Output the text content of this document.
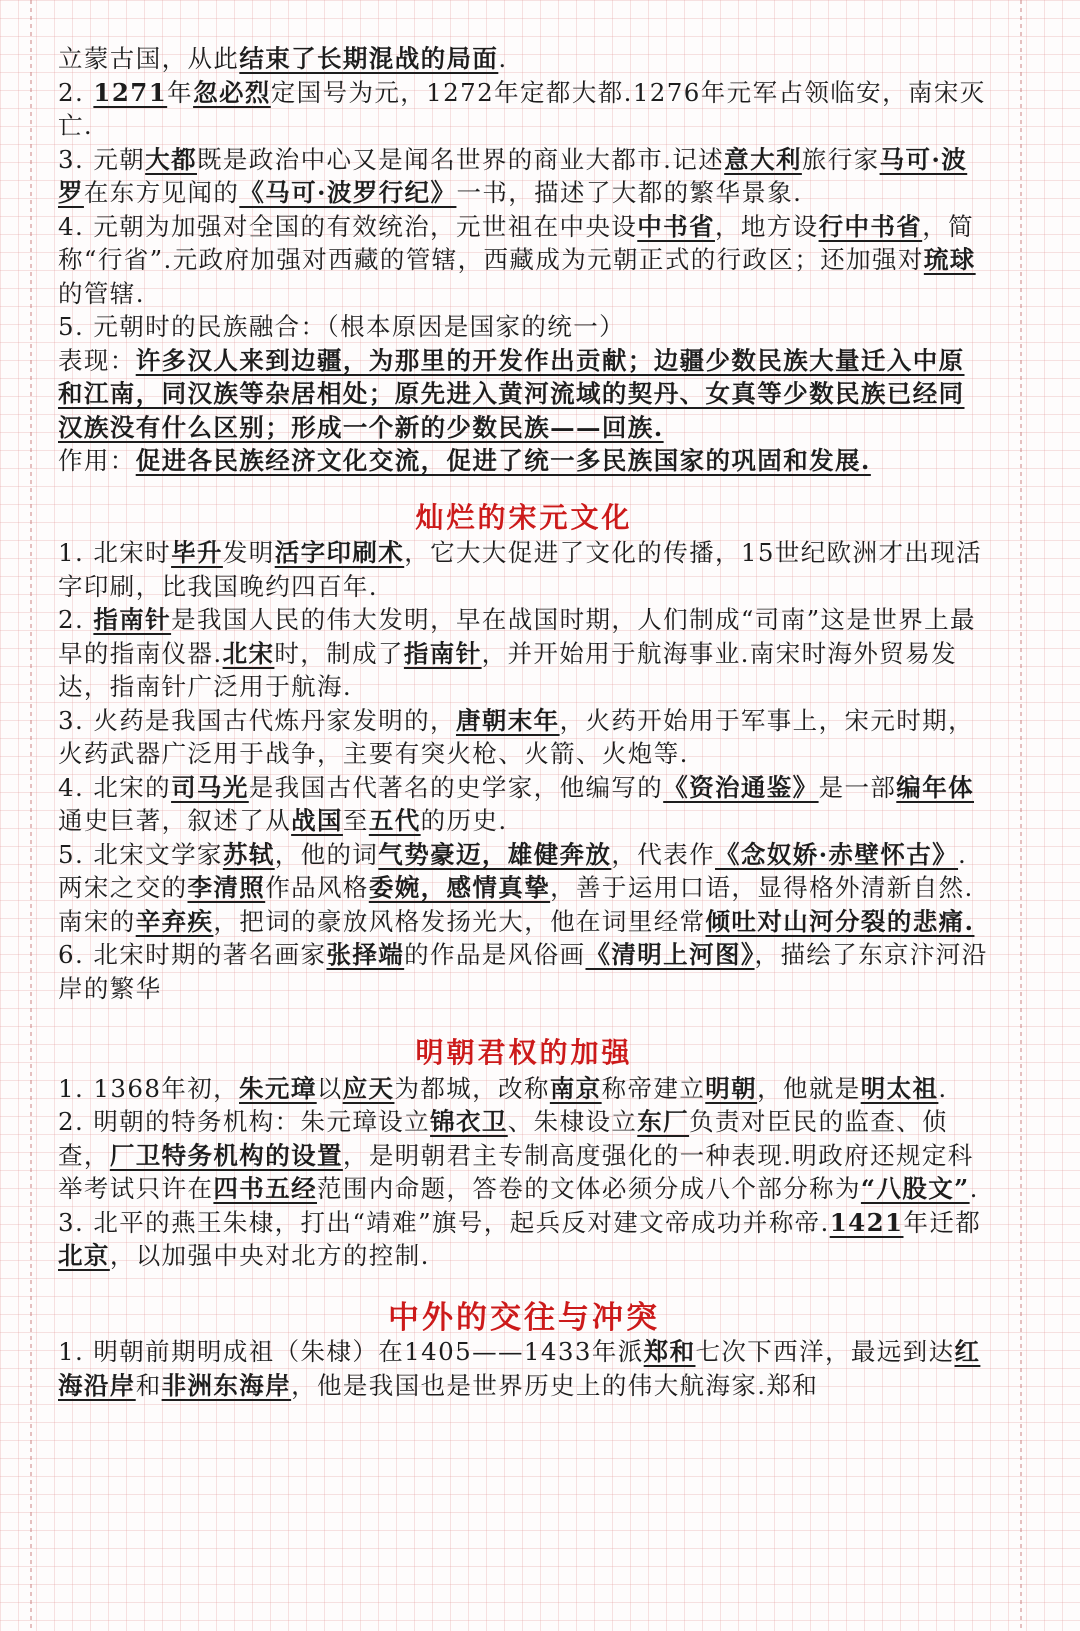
立蒙古国，从此结束了长期混战的局面.

2. 1271年忽必烈定国号为元，1272年定都大都.1276年元军占领临安，南宋灭亡.

3. 元朝大都既是政治中心又是闻名世界的商业大都市.记述意大利旅行家马可·波罗在东方见闻的《马可·波罗行纪》一书，描述了大都的繁华景象.

4. 元朝为加强对全国的有效统治，元世祖在中央设中书省，地方设行中书省，简称“行省”.元政府加强对西藏的管辖，西藏成为元朝正式的行政区；还加强对琉球的管辖.

5. 元朝时的民族融合：（根本原因是国家的统一）

表现：许多汉人来到边疆，为那里的开发作出贡献；边疆少数民族大量迁入中原和江南，同汉族等杂居相处；原先进入黄河流域的契丹、女真等少数民族已经同汉族没有什么区别；形成一个新的少数民族——回族.

作用：促进各民族经济文化交流，促进了统一多民族国家的巩固和发展.

灿烂的宋元文化

1. 北宋时毕升发明活字印刷术，它大大促进了文化的传播，15世纪欧洲才出现活字印刷，比我国晚约四百年.

2. 指南针是我国人民的伟大发明，早在战国时期，人们制成“司南”这是世界上最早的指南仪器.北宋时，制成了指南针，并开始用于航海事业.南宋时海外贸易发达，指南针广泛用于航海.

3. 火药是我国古代炼丹家发明的，唐朝末年，火药开始用于军事上，宋元时期，火药武器广泛用于战争，主要有突火枪、火箭、火炮等.

4. 北宋的司马光是我国古代著名的史学家，他编写的《资治通鉴》是一部编年体通史巨著，叙述了从战国至五代的历史.

5. 北宋文学家苏轼，他的词气势豪迈，雄健奔放，代表作《念奴娇·赤壁怀古》.两宋之交的李清照作品风格委婉，感情真挚，善于运用口语，显得格外清新自然.南宋的辛弃疾，把词的豪放风格发扬光大，他在词里经常倾吐对山河分裂的悲痛.

6. 北宋时期的著名画家张择端的作品是风俗画《清明上河图》，描绘了东京汴河沿岸的繁华

明朝君权的加强

1. 1368年初，朱元璋以应天为都城，改称南京称帝建立明朝，他就是明太祖.

2. 明朝的特务机构：朱元璋设立锦衣卫、朱棣设立东厂负责对臣民的监查、侦查，厂卫特务机构的设置，是明朝君主专制高度强化的一种表现.明政府还规定科举考试只许在四书五经范围内命题，答卷的文体必须分成八个部分称为“八股文”.

3. 北平的燕王朱棣，打出“靖难”旗号，起兵反对建文帝成功并称帝.1421年迁都北京，以加强中央对北方的控制.

中外的交往与冲突

1. 明朝前期明成祖（朱棣）在1405——1433年派郑和七次下西洋，最远到达红海沿岸和非洲东海岸，他是我国也是世界历史上的伟大航海家.郑和
